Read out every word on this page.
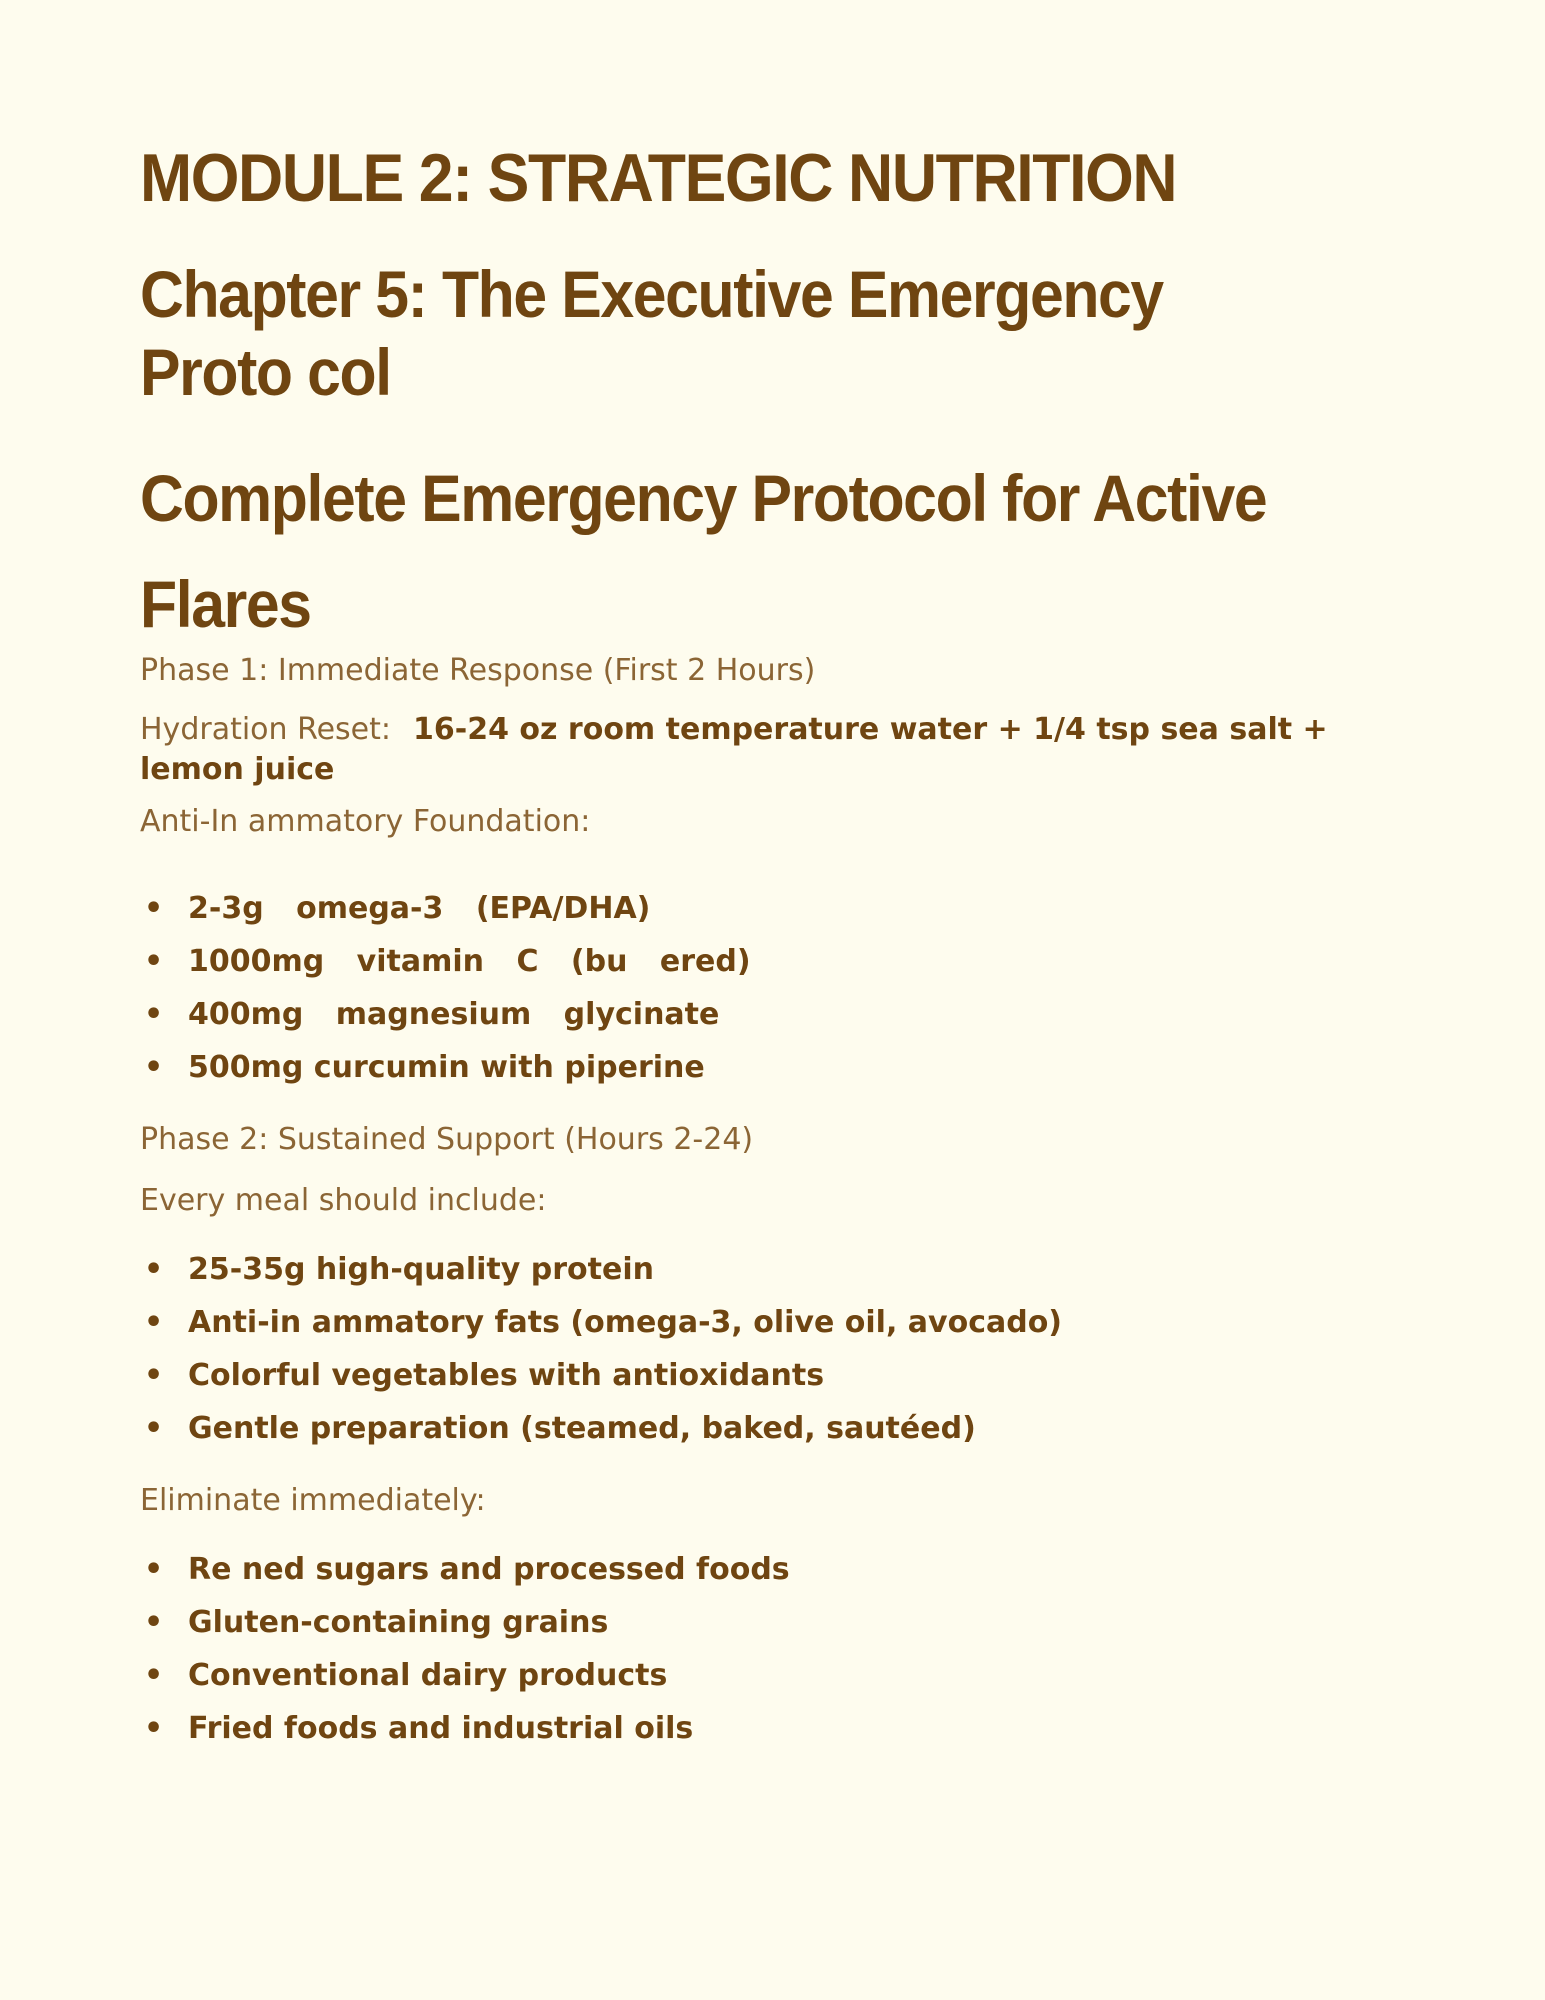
MODULE 2: STRATEGIC NUTRITION
Chapter 5: The Executive Emergency Proto col
Complete Emergency Protocol for Active Flares

Phase 1: Immediate Response (First 2 Hours)

Hydration Reset: 16-24 oz room temperature water + 1/4 tsp sea salt + lemon juice

Anti-In ammatory Foundation:

• 2-3g omega-3 (EPA/DHA)
• 1000mg vitamin C (bu ered)
• 400mg magnesium glycinate
• 500mg curcumin with piperine

Phase 2: Sustained Support (Hours 2-24)

Every meal should include:

• 25-35g high-quality protein
• Anti-in ammatory fats (omega-3, olive oil, avocado)
• Colorful vegetables with antioxidants
• Gentle preparation (steamed, baked, sautéed)

Eliminate immediately:

• Re ned sugars and processed foods
• Gluten-containing grains
• Conventional dairy products
• Fried foods and industrial oils
